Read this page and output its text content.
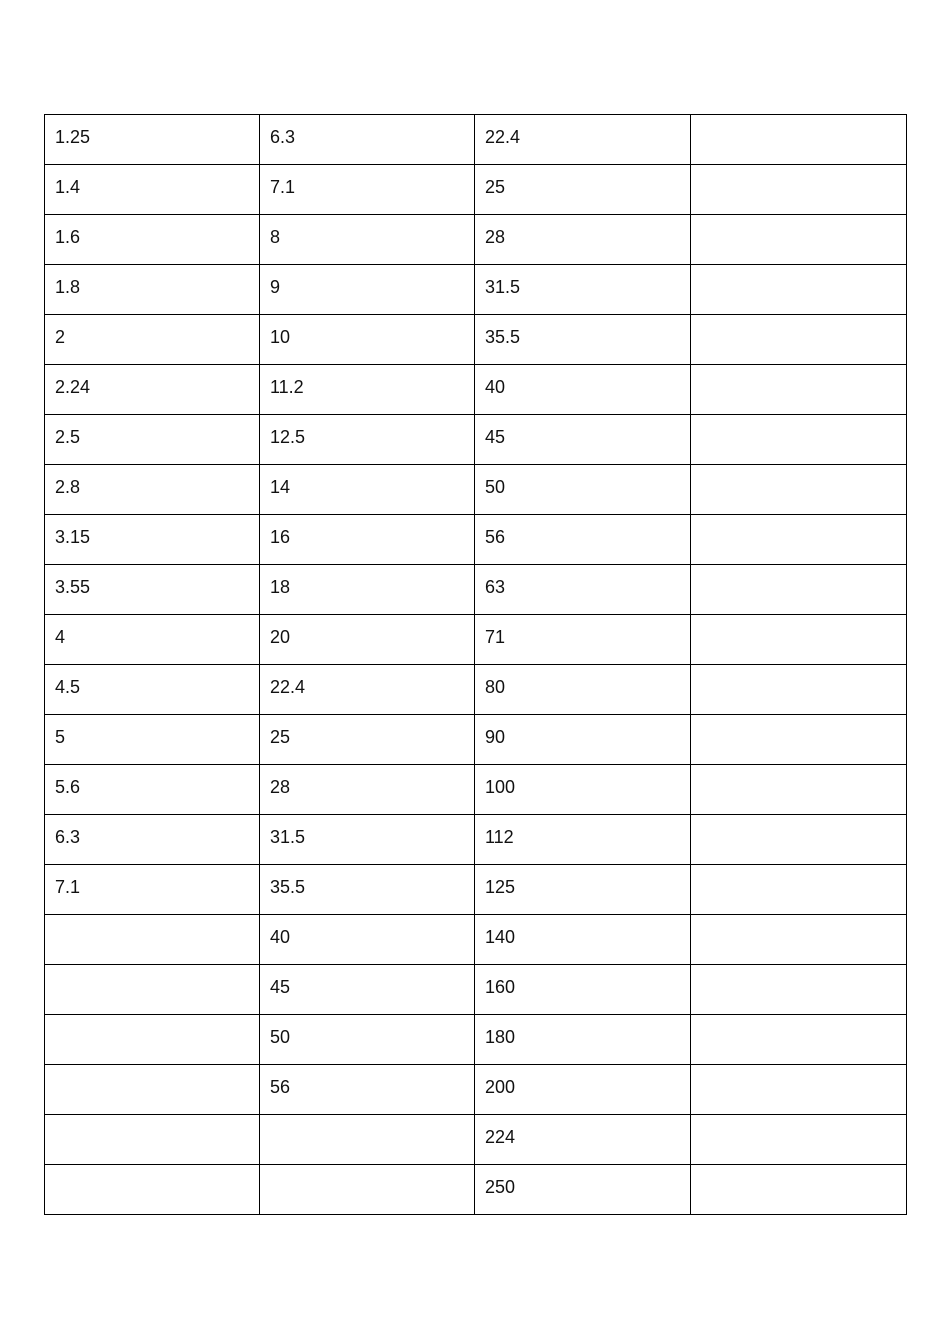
1.25	6.3	22.4	
1.4	7.1	25	
1.6	8	28	
1.8	9	31.5	
2	10	35.5	
2.24	11.2	40	
2.5	12.5	45	
2.8	14	50	
3.15	16	56	
3.55	18	63	
4	20	71	
4.5	22.4	80	
5	25	90	
5.6	28	100	
6.3	31.5	112	
7.1	35.5	125	
	40	140	
	45	160	
	50	180	
	56	200	
		224	
		250	
